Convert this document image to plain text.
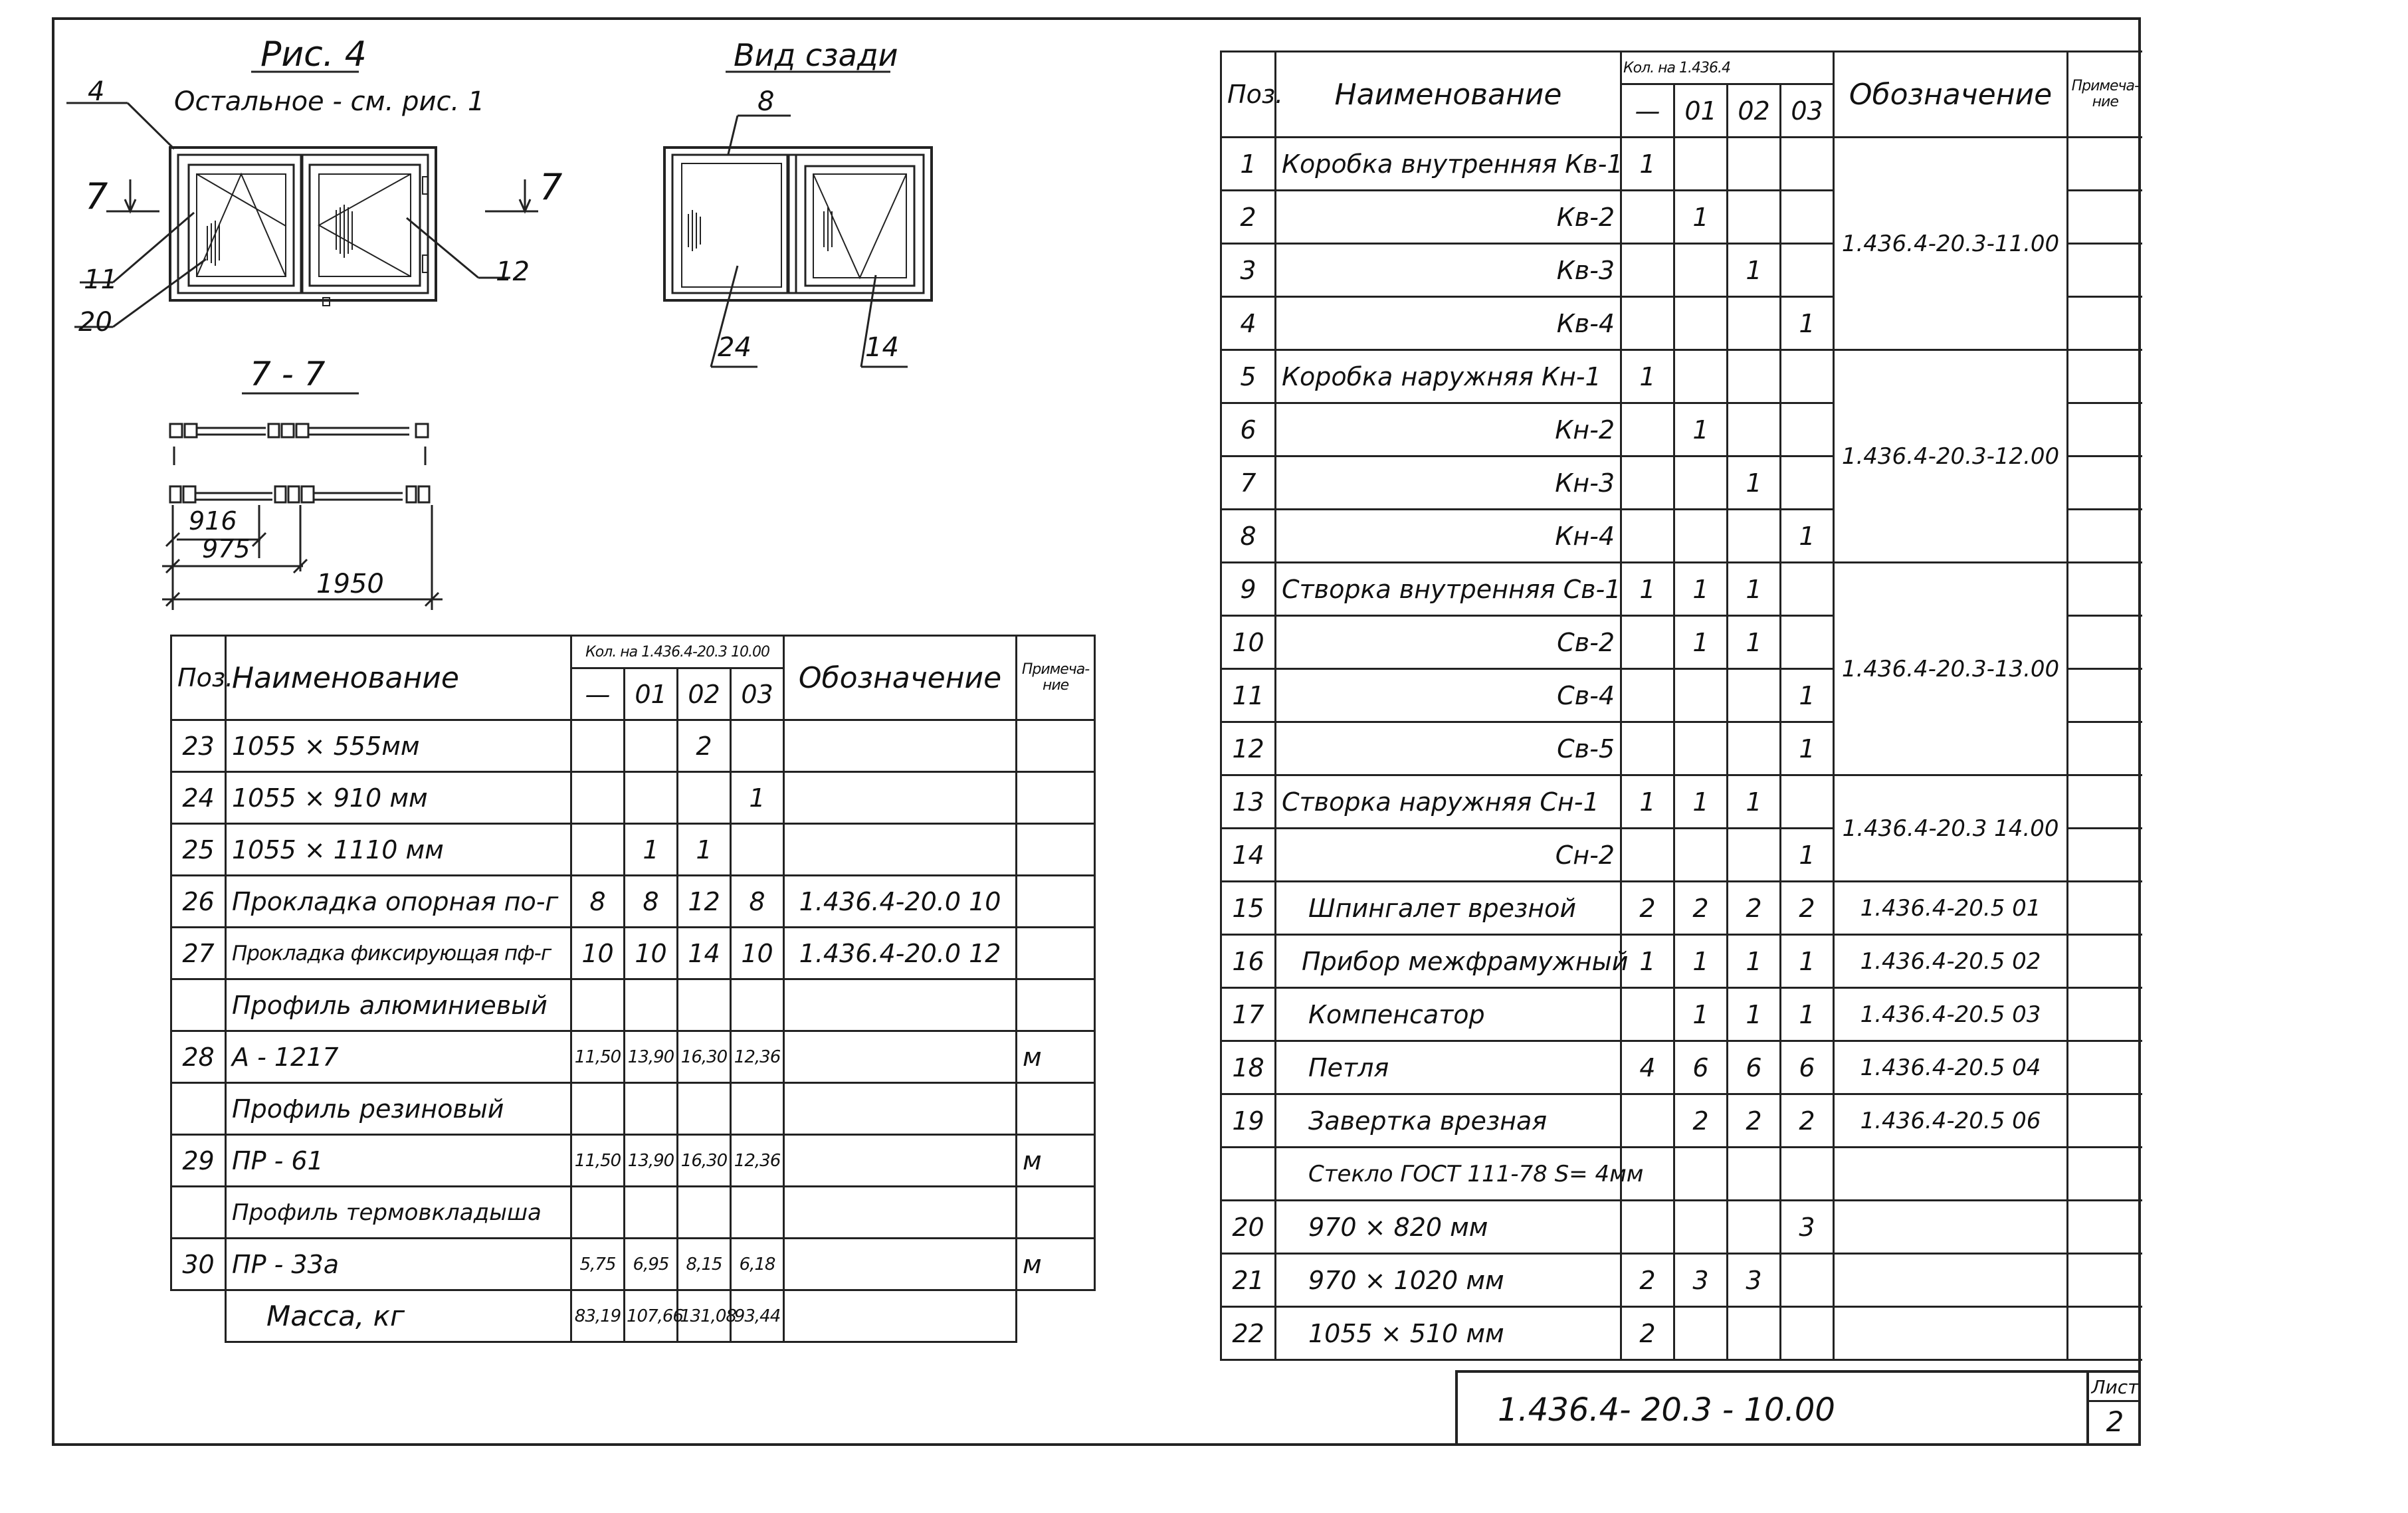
Рис. 4
Остальное - см. рис. 1
Вид сзади
7 - 7
7	7
4
11
20
12
8
24	14
916
975
1950
Поз.	Наименование	Кол. на 1.436.4-20.3 10.00				Обозначение	Примеча-ние
		—	01	02	03		
23	1055 × 555мм			2			
24	1055 × 910 мм				1		
25	1055 × 1110 мм		1	1			
26	Прокладка опорная по-г	8	8	12	8	1.436.4-20.0 10	
27	Прокладка фиксирующая пф-г	10	10	14	10	1.436.4-20.0 12	
	Профиль алюминиевый						
28	А - 1217	11,50	13,90	16,30	12,36		м
	Профиль резиновый						
29	ПР - 61	11,50	13,90	16,30	12,36		м
	Профиль термовкладыша						
30	ПР - 33а	5,75	6,95	8,15	6,18		м
	Масса, кг	83,19	107,66	131,08	93,44		
Поз.	Наименование	Кол. на 1.436.4				Обозначение	Примеча-ние
		—	01	02	03		
1	Коробка внутренняя Кв-1	1				1.436.4-20.3-11.00	
2	Кв-2		1				
3	Кв-3			1			
4	Кв-4				1		
5	Коробка наружняя Кн-1	1				1.436.4-20.3-12.00	
6	Кн-2		1				
7	Кн-3			1			
8	Кн-4				1		
9	Створка внутренняя Св-1	1	1	1		1.436.4-20.3-13.00	
10	Св-2		1	1			
11	Св-4				1		
12	Св-5				1		
13	Створка наружняя Сн-1	1	1	1		1.436.4-20.3 14.00	
14	Сн-2				1		
15	Шпингалет врезной	2	2	2	2	1.436.4-20.5 01	
16	Прибор межфрамужный	1	1	1	1	1.436.4-20.5 02	
17	Компенсатор		1	1	1	1.436.4-20.5 03	
18	Петля	4	6	6	6	1.436.4-20.5 04	
19	Завертка врезная		2	2	2	1.436.4-20.5 06	
	Стекло ГОСТ 111-78 S= 4мм						
20	970 × 820 мм				3		
21	970 × 1020 мм	2	3	3			
22	1055 × 510 мм	2					
1.436.4- 20.3 - 10.00
Лист
2
